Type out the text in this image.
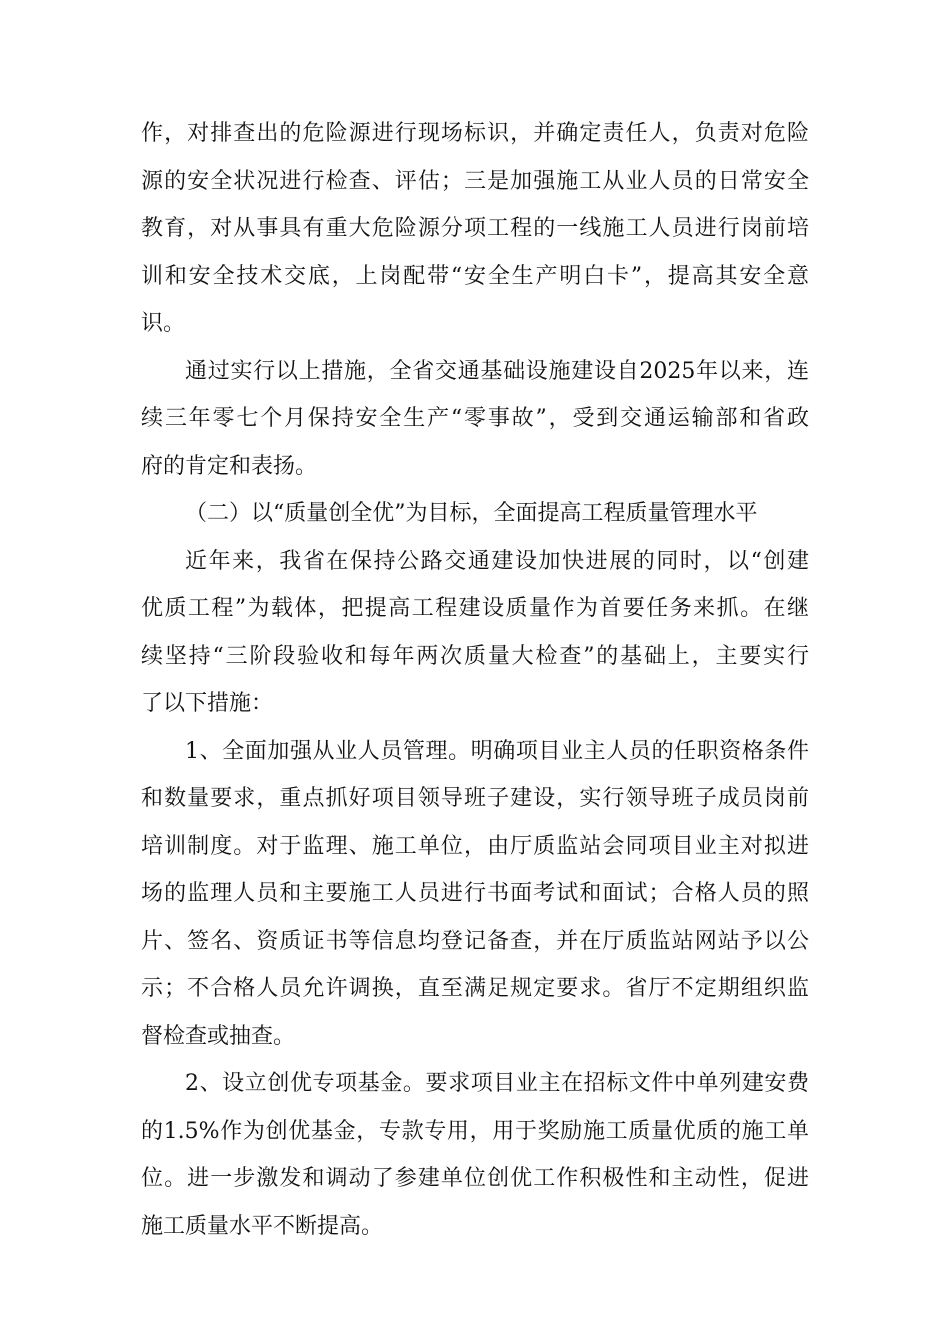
作，对排查出的危险源进行现场标识，并确定责任人，负责对危险
源的安全状况进行检查、评估；三是加强施工从业人员的日常安全
教育，对从事具有重大危险源分项工程的一线施工人员进行岗前培
训和安全技术交底，上岗配带“安全生产明白卡”，提高其安全意
识。
通过实行以上措施，全省交通基础设施建设自2025年以来，连
续三年零七个月保持安全生产“零事故”，受到交通运输部和省政
府的肯定和表扬。
（二）以“质量创全优”为目标，全面提高工程质量管理水平
近年来，我省在保持公路交通建设加快进展的同时，以“创建
优质工程”为载体，把提高工程建设质量作为首要任务来抓。在继
续坚持“三阶段验收和每年两次质量大检查”的基础上，主要实行
了以下措施：
1、全面加强从业人员管理。明确项目业主人员的任职资格条件
和数量要求，重点抓好项目领导班子建设，实行领导班子成员岗前
培训制度。对于监理、施工单位，由厅质监站会同项目业主对拟进
场的监理人员和主要施工人员进行书面考试和面试；合格人员的照
片、签名、资质证书等信息均登记备查，并在厅质监站网站予以公
示；不合格人员允许调换，直至满足规定要求。省厅不定期组织监
督检查或抽查。
2、设立创优专项基金。要求项目业主在招标文件中单列建安费
的1.5%作为创优基金，专款专用，用于奖励施工质量优质的施工单
位。进一步激发和调动了参建单位创优工作积极性和主动性，促进
施工质量水平不断提高。
